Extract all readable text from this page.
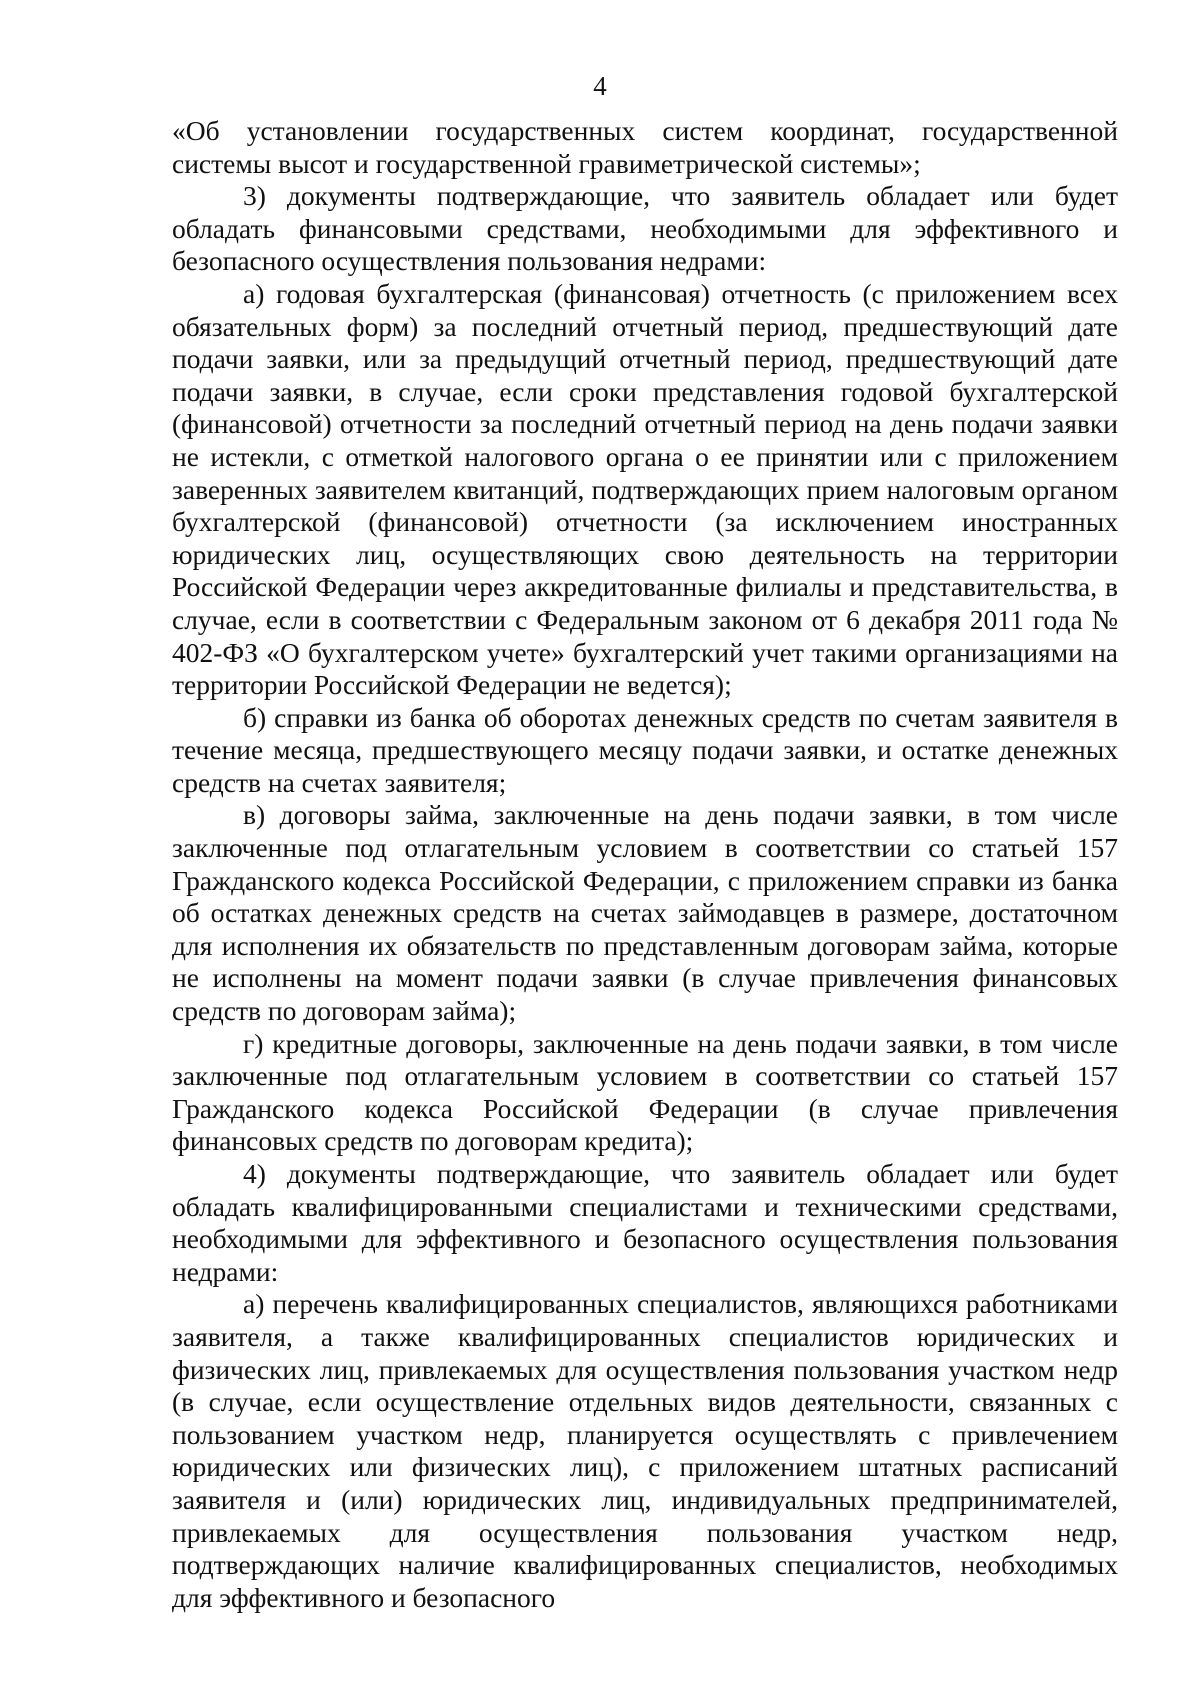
4

«Об установлении государственных систем координат, государственной системы высот и государственной гравиметрической системы»;

3) документы подтверждающие, что заявитель обладает или будет обладать финансовыми средствами, необходимыми для эффективного и безопасного осуществления пользования недрами:

а) годовая бухгалтерская (финансовая) отчетность (с приложением всех обязательных форм) за последний отчетный период, предшествующий дате подачи заявки, или за предыдущий отчетный период, предшествующий дате подачи заявки, в случае, если сроки представления годовой бухгалтерской (финансовой) отчетности за последний отчетный период на день подачи заявки не истекли, с отметкой налогового органа о ее принятии или с приложением заверенных заявителем квитанций, подтверждающих прием налоговым органом бухгалтерской (финансовой) отчетности (за исключением иностранных юридических лиц, осуществляющих свою деятельность на территории Российской Федерации через аккредитованные филиалы и представительства, в случае, если в соответствии с Федеральным законом от 6 декабря 2011 года № 402-ФЗ «О бухгалтерском учете» бухгалтерский учет такими организациями на территории Российской Федерации не ведется);

б) справки из банка об оборотах денежных средств по счетам заявителя в течение месяца, предшествующего месяцу подачи заявки, и остатке денежных средств на счетах заявителя;

в) договоры займа, заключенные на день подачи заявки, в том числе заключенные под отлагательным условием в соответствии со статьей 157 Гражданского кодекса Российской Федерации, с приложением справки из банка об остатках денежных средств на счетах займодавцев в размере, достаточном для исполнения их обязательств по представленным договорам займа, которые не исполнены на момент подачи заявки (в случае привлечения финансовых средств по договорам займа);

г) кредитные договоры, заключенные на день подачи заявки, в том числе заключенные под отлагательным условием в соответствии со статьей 157 Гражданского кодекса Российской Федерации (в случае привлечения финансовых средств по договорам кредита);

4) документы подтверждающие, что заявитель обладает или будет обладать квалифицированными специалистами и техническими средствами, необходимыми для эффективного и безопасного осуществления пользования недрами:

а) перечень квалифицированных специалистов, являющихся работниками заявителя, а также квалифицированных специалистов юридических и физических лиц, привлекаемых для осуществления пользования участком недр (в случае, если осуществление отдельных видов деятельности, связанных с пользованием участком недр, планируется осуществлять с привлечением юридических или физических лиц), с приложением штатных расписаний заявителя и (или) юридических лиц, индивидуальных предпринимателей, привлекаемых для осуществления пользования участком недр, подтверждающих наличие квалифицированных специалистов, необходимых для эффективного и безопасного
